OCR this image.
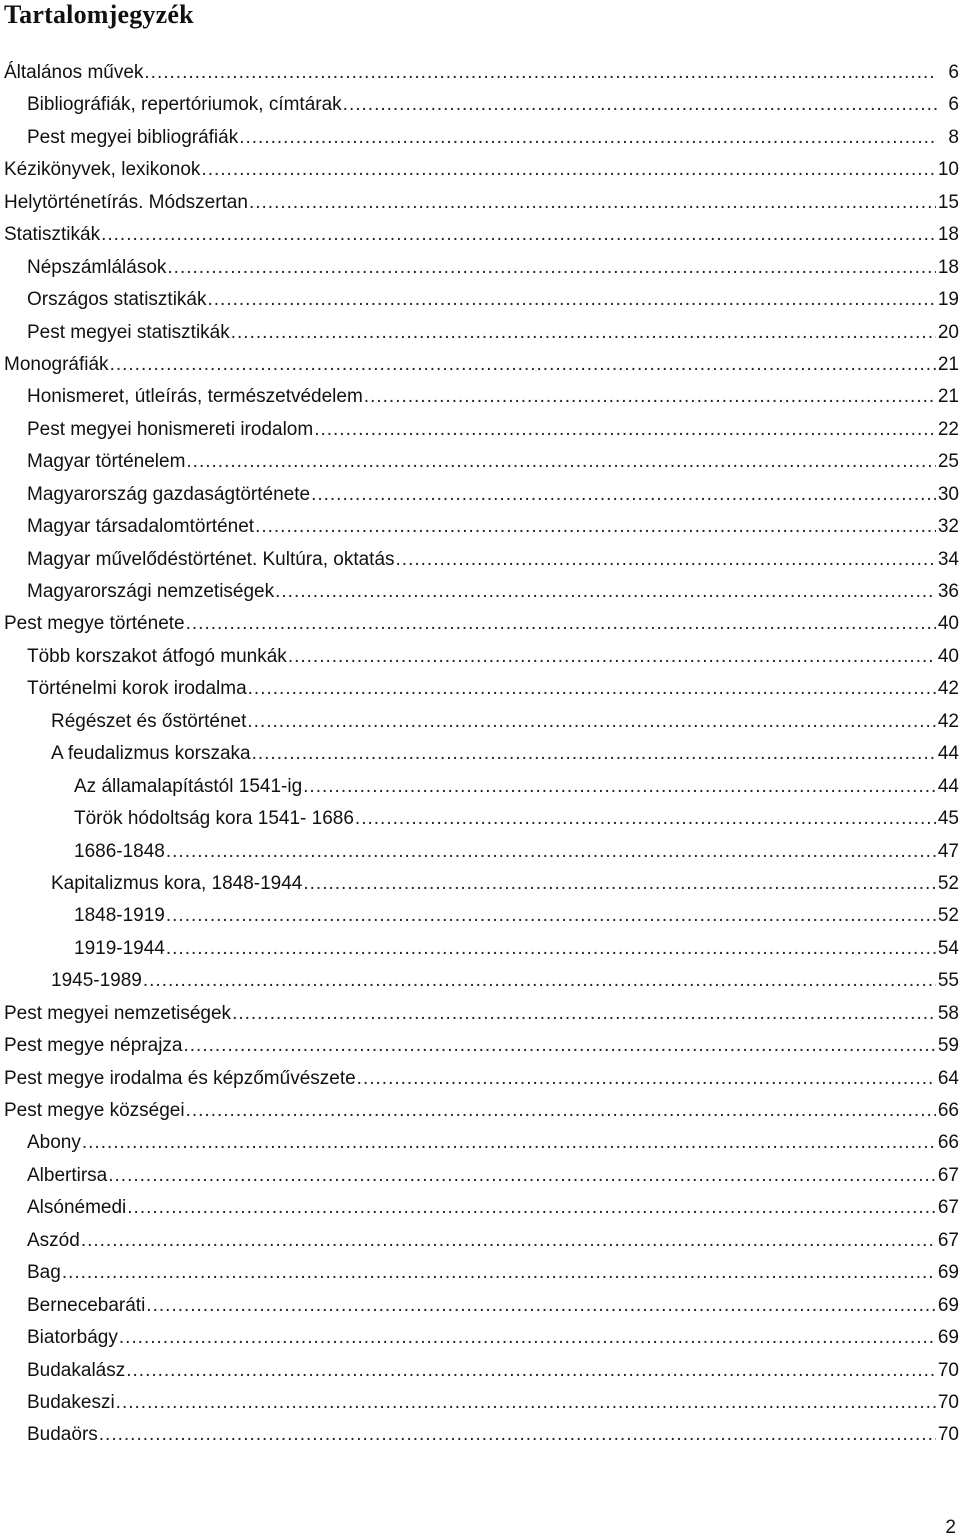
Tartalomjegyzék
Általános művek .....	6
Bibliográfiák, repertóriumok, címtárak .....	6
Pest megyei bibliográfiák .....	8
Kézikönyvek, lexikonok .....	10
Helytörténetírás. Módszertan .....	15
Statisztikák .....	18
Népszámlálások .....	18
Országos statisztikák .....	19
Pest megyei statisztikák .....	20
Monográfiák .....	21
Honismeret, útleírás, természetvédelem .....	21
Pest megyei honismereti irodalom .....	22
Magyar történelem .....	25
Magyarország gazdaságtörténete .....	30
Magyar társadalomtörténet .....	32
Magyar művelődéstörténet. Kultúra, oktatás .....	34
Magyarországi nemzetiségek .....	36
Pest megye története .....	40
Több korszakot átfogó munkák .....	40
Történelmi korok irodalma .....	42
Régészet és őstörténet .....	42
A feudalizmus korszaka .....	44
Az államalapítástól 1541-ig .....	44
Török hódoltság kora 1541- 1686 .....	45
1686-1848 .....	47
Kapitalizmus kora, 1848-1944 .....	52
1848-1919 .....	52
1919-1944 .....	54
1945-1989 .....	55
Pest megyei nemzetiségek .....	58
Pest megye néprajza .....	59
Pest megye irodalma és képzőművészete .....	64
Pest megye községei .....	66
Abony .....	66
Albertirsa .....	67
Alsónémedi .....	67
Aszód .....	67
Bag .....	69
Bernecebaráti .....	69
Biatorbágy .....	69
Budakalász .....	70
Budakeszi .....	70
Budaörs .....	70
2
